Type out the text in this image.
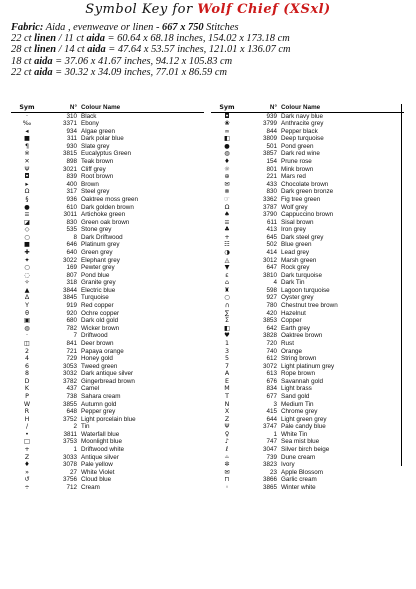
Symbol Key for Wolf Chief (XSxl)
Fabric: Aida , evenweave or linen - 667 x 750 Stitches
22 ct linen / 11 ct aida = 60.64 x 68.18 inches, 154.02 x 173.18 cm
28 ct linen / 14 ct aida = 47.64 x 53.57 inches, 121.01 x 136.07 cm
18 ct aida = 37.06 x 41.67 inches, 94.12 x 105.83 cm
22 ct aida = 30.32 x 34.09 inches, 77.01 x 86.59 cm
Sym	N° Colour Name
·	310 Black
‰	3371 Ebony
◂	934 Algae green
■	311 Dark polar blue
¶	930 Slate grey
※	3815 Eucalyptus Green
✕	898 Teak brown
Ψ	3021 Cliff grey
◘	839 Root brown
▸	400 Brown
Ω	317 Steel grey
§	936 Oaktree moss green
●	610 Dark golden brown
≡	3011 Artichoke green
◪	830 Green oak brown
◇	535 Stone grey
○	8 Dark Driftwood
■	646 Platinum grey
✚	640 Green grey
✦	3022 Elephant grey
○	169 Pewter grey
◌	807 Pond blue
✧	318 Granite grey
▲	3844 Electric blue
Δ	3845 Turquoise
Y	919 Red copper
θ	920 Ochre copper
▣	680 Dark old gold
◍	782 Wicker brown
·	7 Driftwood
◫	841 Deer brown
2	721 Papaya orange
4	729 Honey gold
6	3053 Tweed green
8	3032 Dark antique silver
D	3782 Gingerbread brown
K	437 Camel
P	738 Sahara cream
W	3855 Autumn gold
R	648 Pepper grey
H	3752 Light porcelain blue
/	2 Tin
•	3811 Waterfall blue
□	3753 Moonlight blue
+	1 Driftwood white
Z	3033 Antique silver
♦	3078 Pale yellow
»	27 White Violet
↺	3756 Cloud blue
÷	712 Cream
Sym	N° Colour Name
◘	939 Dark navy blue
❀	3799 Anthracite grey
∞	844 Pepper black
◧	3809 Deep turquoise
●	501 Pond green
◍	3857 Dark red wine
♦	154 Prune rose
☼	801 Mink brown
⊕	221 Mars red
✉	433 Chocolate brown
⊗	830 Dark green bronze
☞	3362 Fig tree green
Ω	3787 Wolf grey
♠	3790 Cappuccino brown
≡	611 Sisal brown
♣	413 Iron grey
+	645 Dark steel grey
☷	502 Blue green
◑	414 Lead grey
◬	3012 Marsh green
▼	647 Rock grey
ε	3810 Dark turquoise
⌂	4 Dark Tin
♜	598 Lagoon turquoise
○	927 Oyster grey
∩	780 Chestnut tree brown
∑	420 Hazelnut
Σ	3853 Copper
◧	642 Earth grey
♥	3828 Oaktree brown
1	720 Rust
3	740 Orange
5	612 String brown
7	3072 Light platinum grey
A	613 Rope brown
E	676 Savannah gold
M	834 Light brass
T	677 Sand gold
N	3 Medium Tin
X	415 Chrome grey
Z	644 Light green grey
Ψ	3747 Pale candy blue
♀	1 White Tin
♪	747 Sea mist blue
ℓ	3047 Silver birch beige
∸	739 Dune cream
✲	3823 Ivory
✉	23 Apple Blossom
⊓	3866 Garlic cream
◦	3865 Winter white
